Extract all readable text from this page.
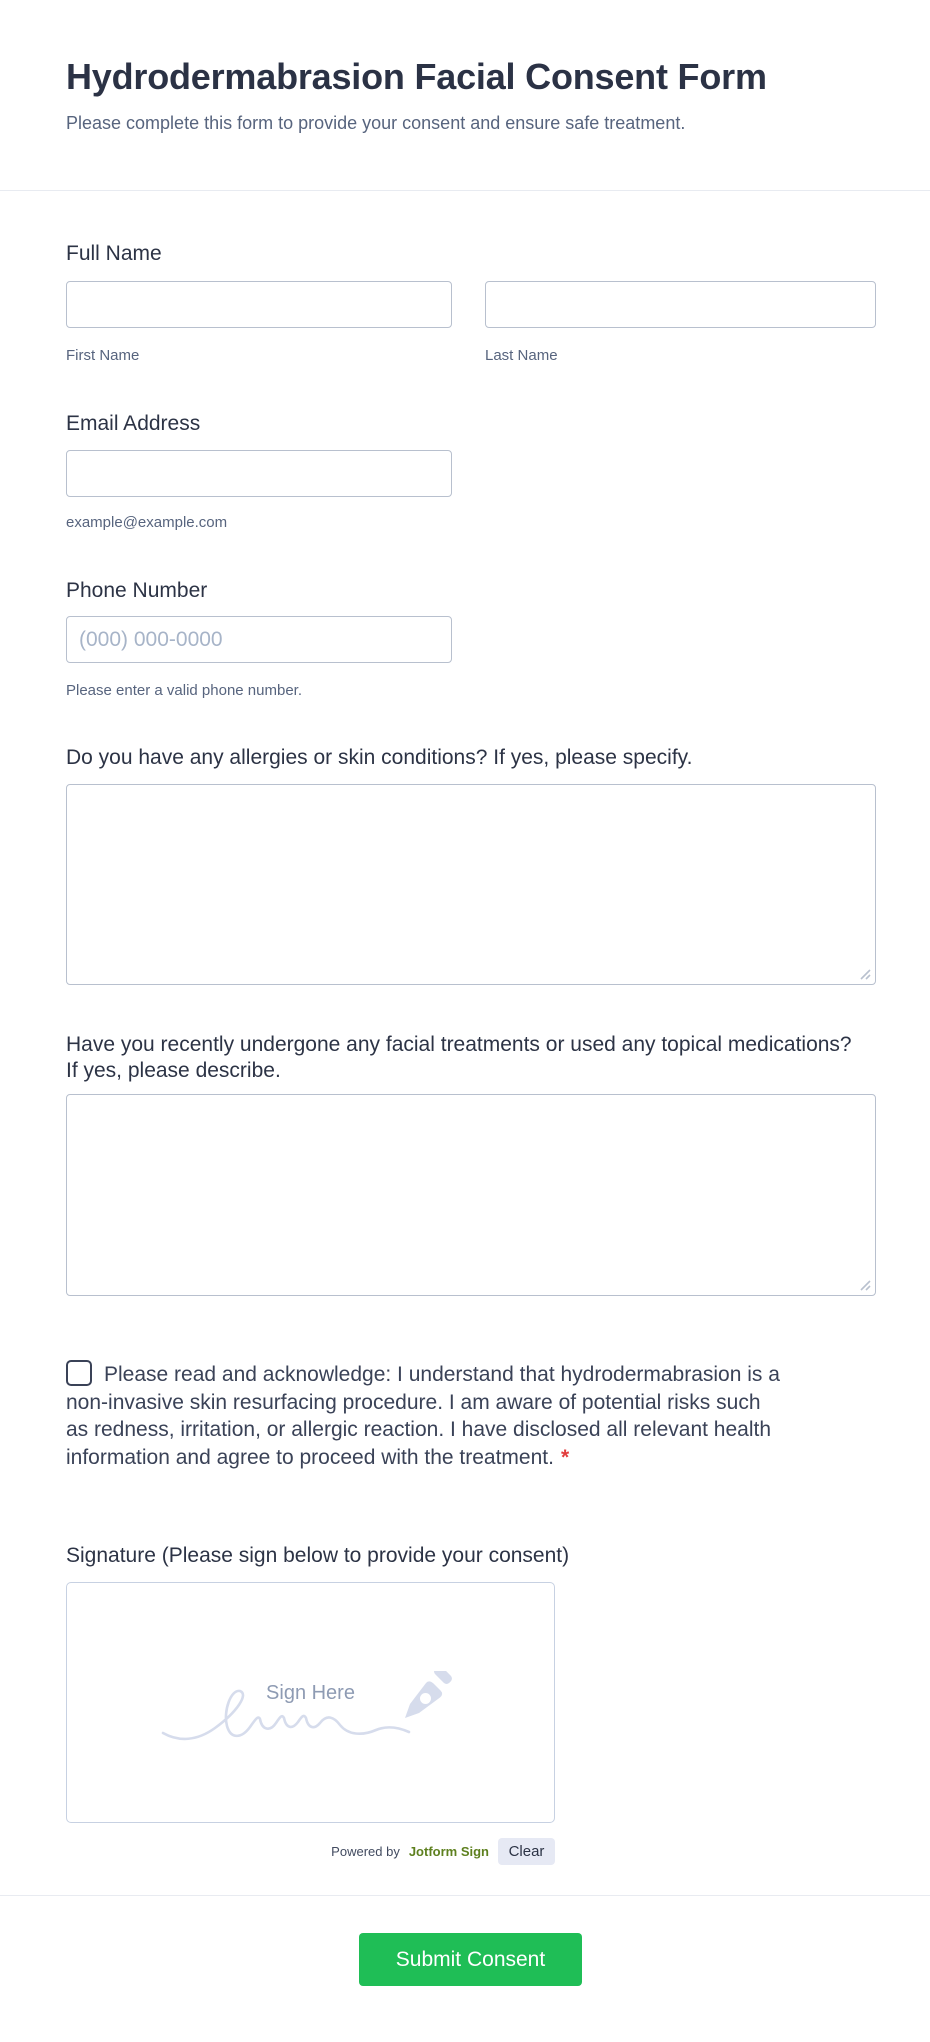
Hydrodermabrasion Facial Consent Form
Please complete this form to provide your consent and ensure safe treatment.
Full Name
First Name	Last Name
Email Address
example@example.com
Phone Number
(000) 000-0000
Please enter a valid phone number.
Do you have any allergies or skin conditions? If yes, please specify.
Have you recently undergone any facial treatments or used any topical medications? If yes, please describe.
Please read and acknowledge: I understand that hydrodermabrasion is a non-invasive skin resurfacing procedure. I am aware of potential risks such as redness, irritation, or allergic reaction. I have disclosed all relevant health information and agree to proceed with the treatment. *
Signature (Please sign below to provide your consent)
Sign Here
Powered by Jotform Sign	Clear
Submit Consent
